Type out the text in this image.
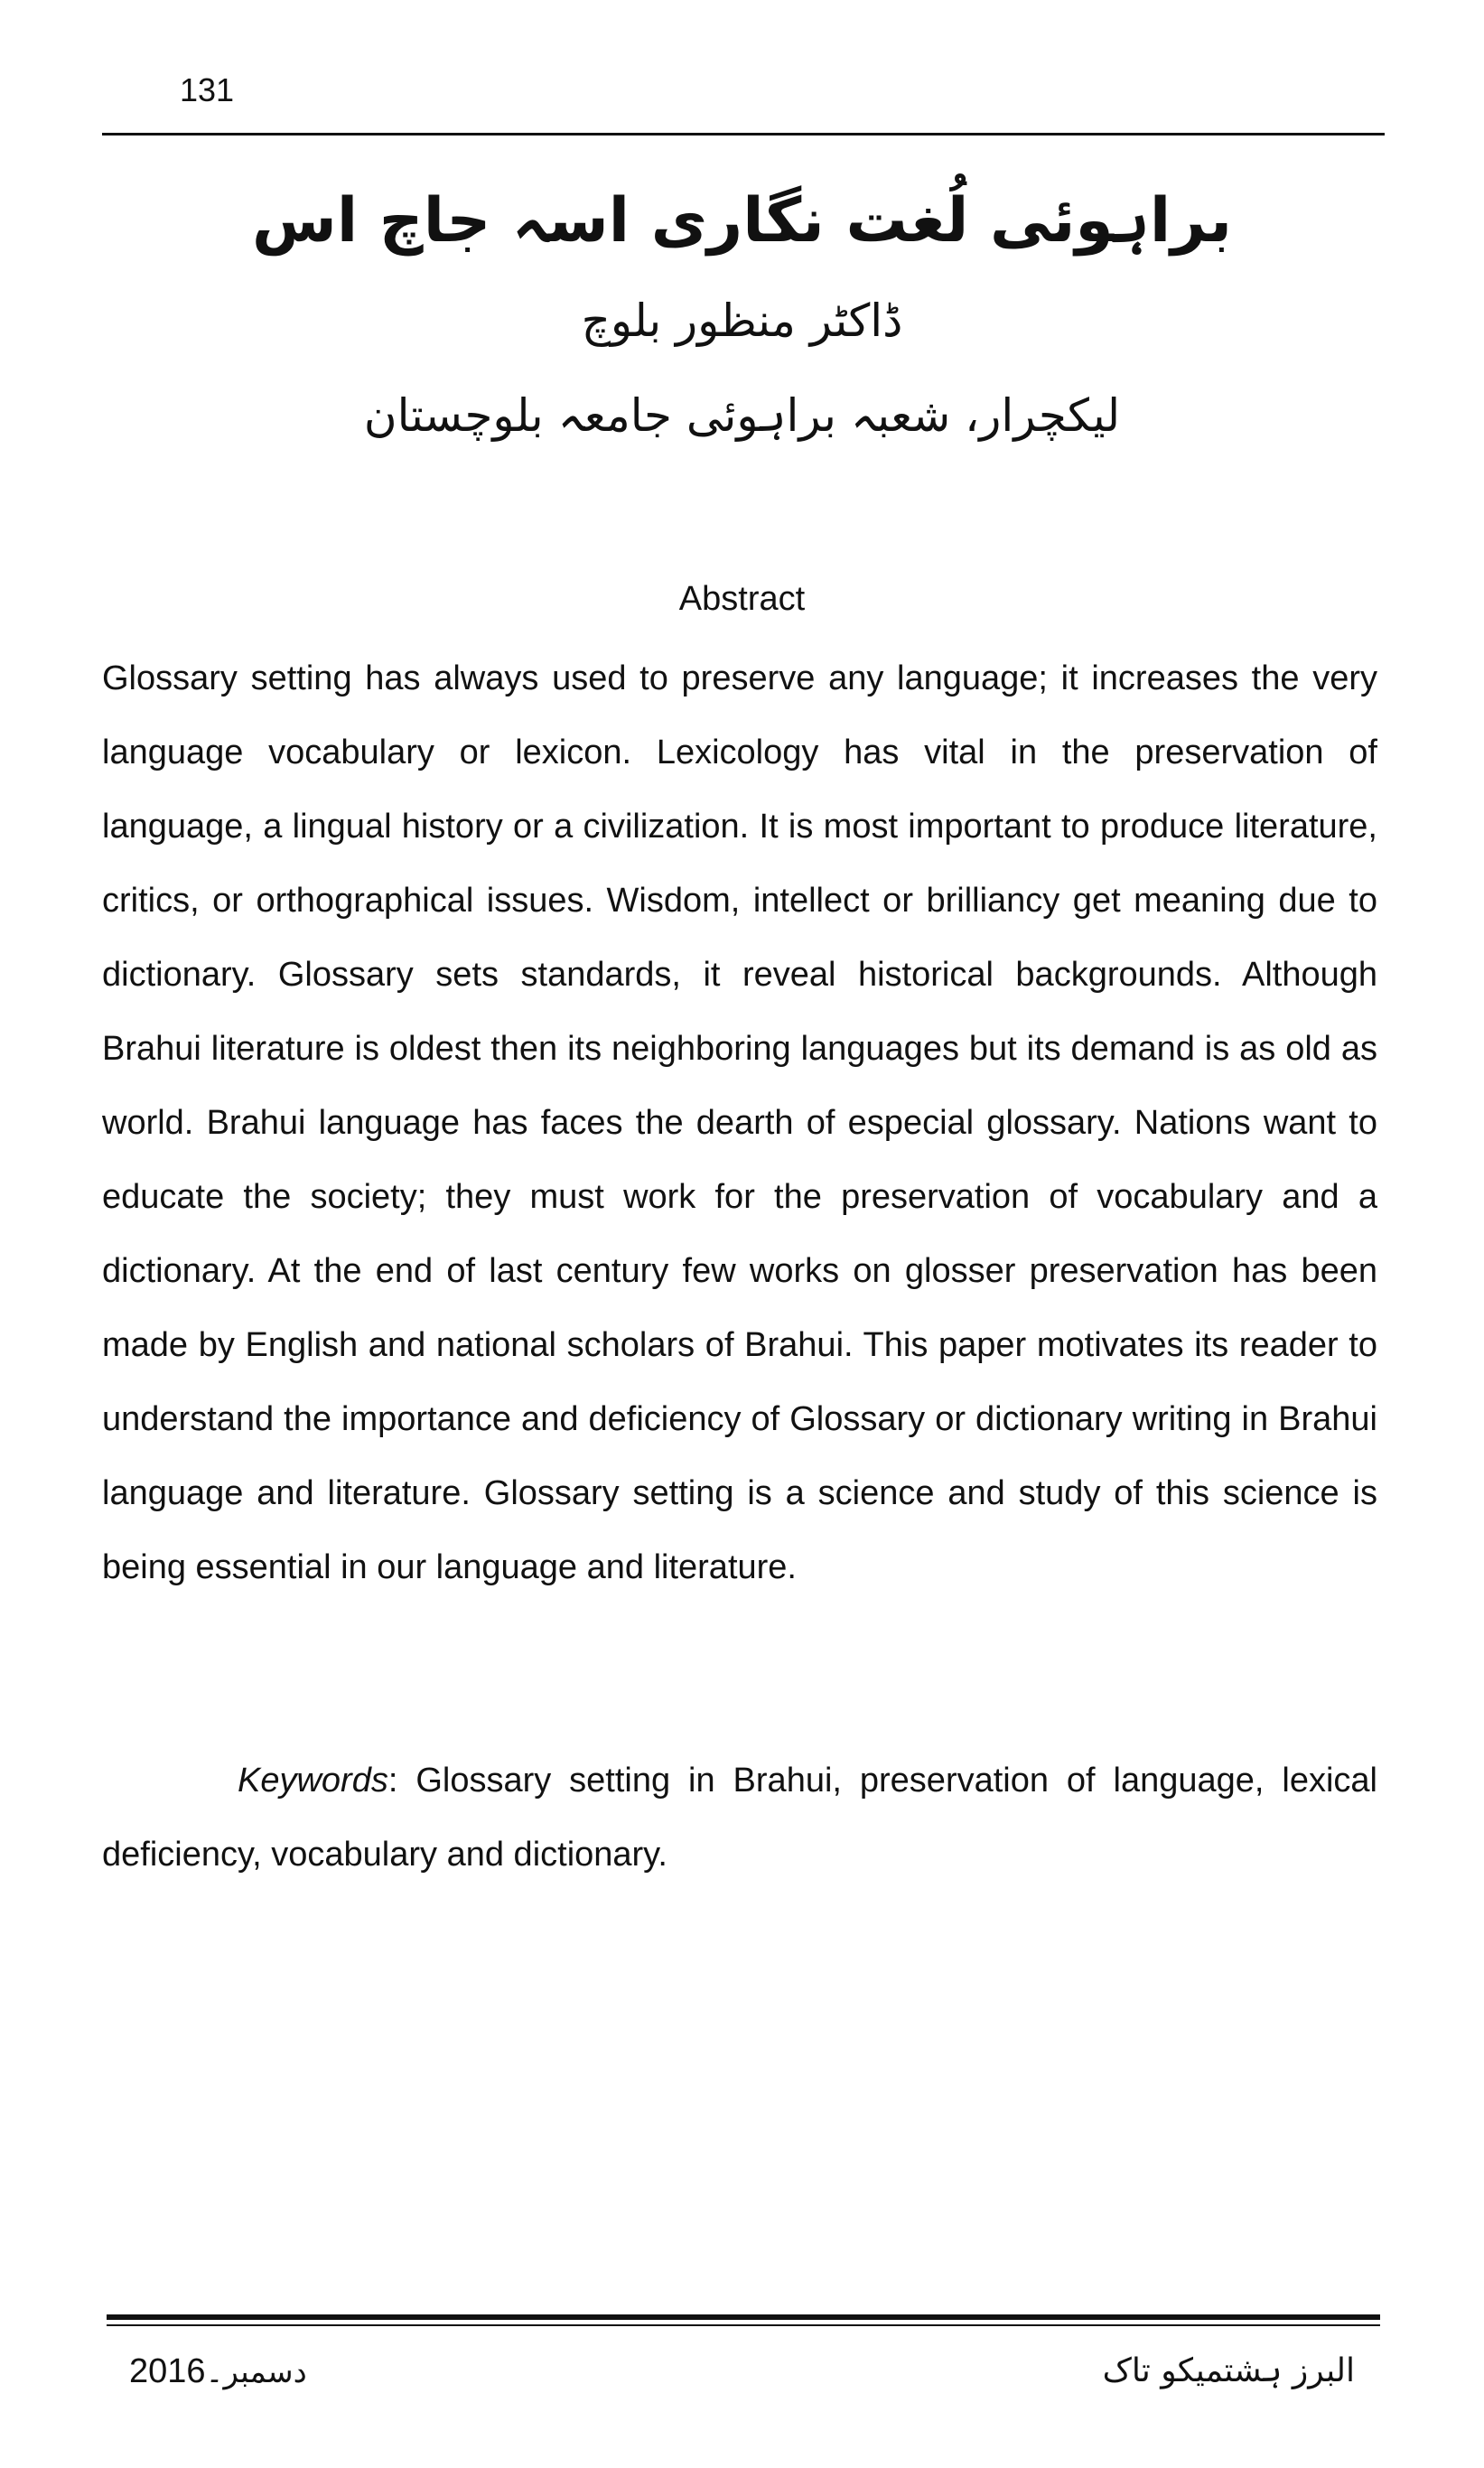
131
براہوئی لُغت نگاری اسہ جاچ اس
ڈاکٹر منظور بلوچ
لیکچرار، شعبہ براہوئی جامعہ بلوچستان
Abstract
Glossary setting has always used to preserve any language; it increases the very language vocabulary or lexicon. Lexicology has vital in the preservation of language, a lingual history or a civilization. It is most important to produce literature, critics, or orthographical issues. Wisdom, intellect or brilliancy get meaning due to dictionary. Glossary sets standards, it reveal historical backgrounds. Although Brahui literature is oldest then its neighboring languages but its demand is as old as world. Brahui language has faces the dearth of especial glossary. Nations want to educate the society; they must work for the preservation of vocabulary and a dictionary. At the end of last century few works on glosser preservation has been made by English and national scholars of Brahui. This paper motivates its reader to understand the importance and deficiency of Glossary or dictionary writing in Brahui language and literature. Glossary setting is a science and study of this science is being essential in our language and literature.
Keywords: Glossary setting in Brahui, preservation of language, lexical deficiency, vocabulary and dictionary.
2016دسمبر۔	البرز ہشتمیکو تاک
